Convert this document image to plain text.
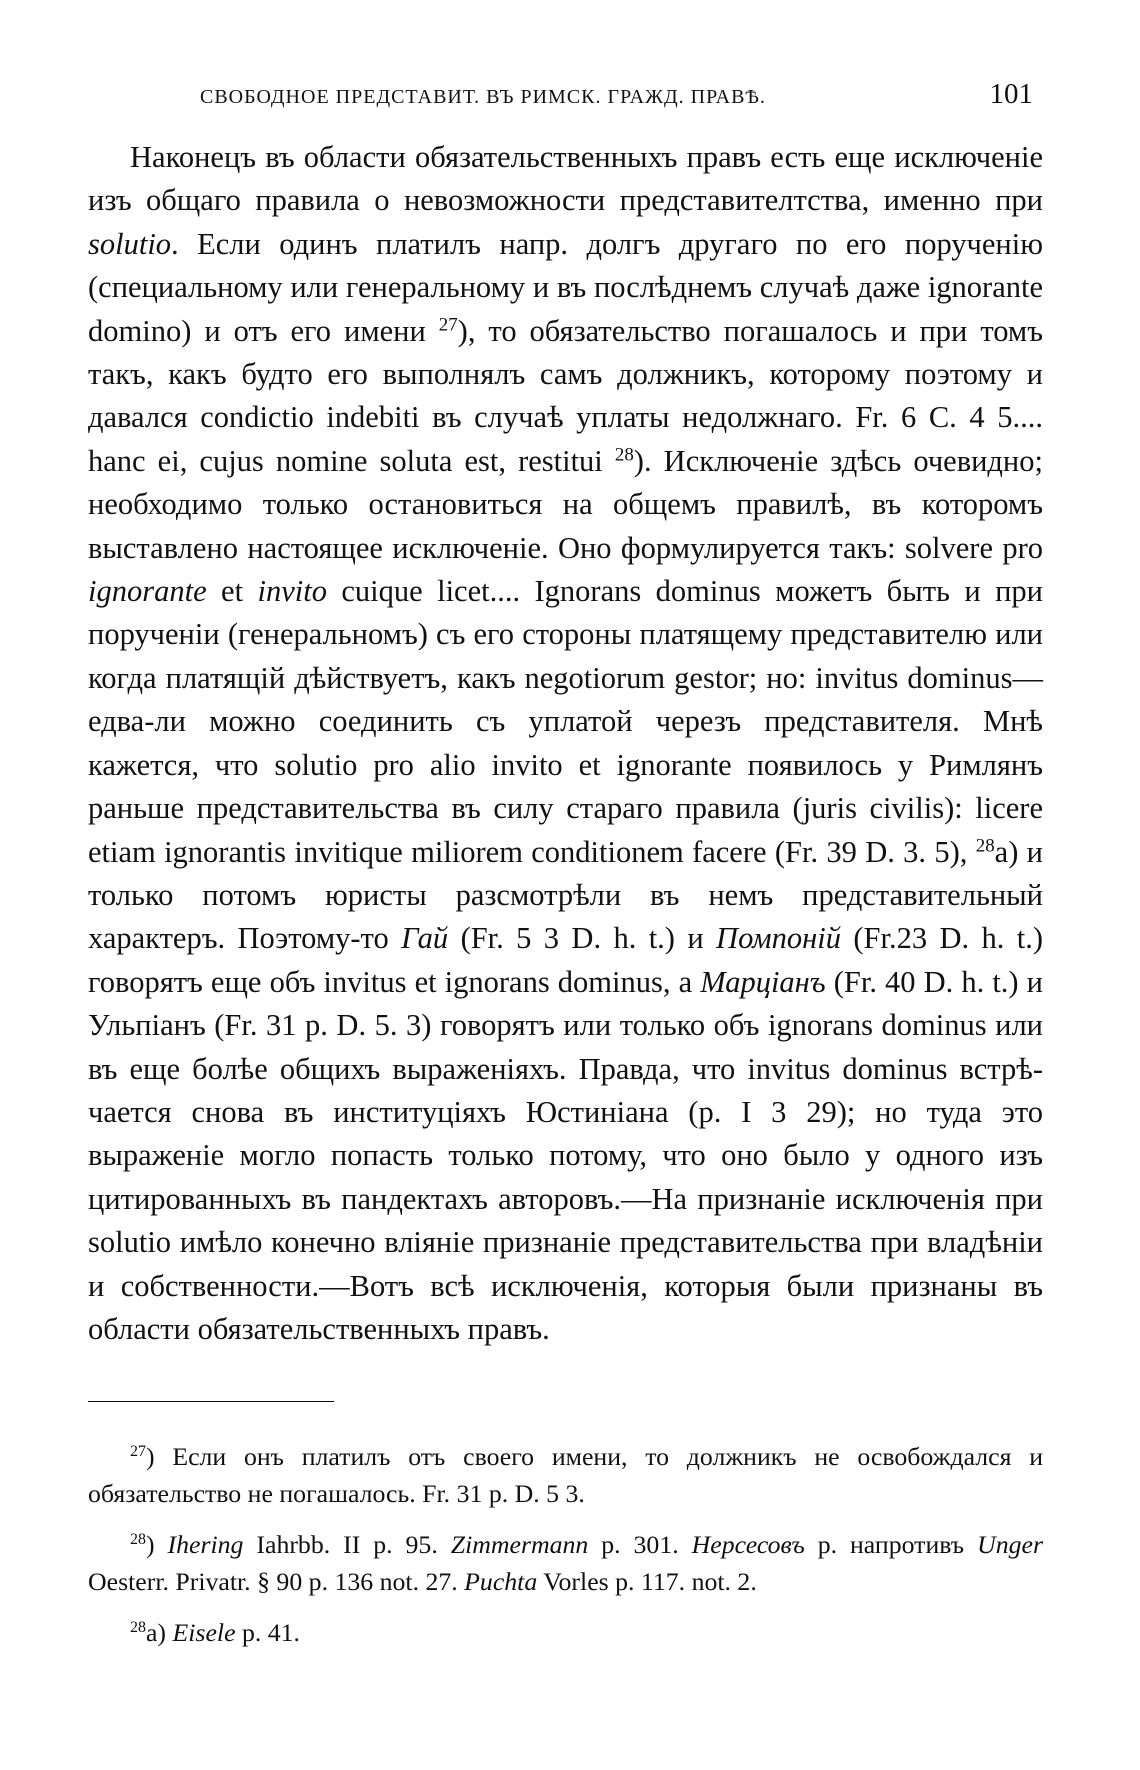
СВОБОДНОЕ ПРЕДСТАВИТ. ВЪ РИМСК. ГРАЖД. ПРАВѢ.	101

Наконецъ въ области обязательственныхъ правъ есть еще исключеніе изъ общаго правила о невозможности представителтства, именно при solutio. Если одинъ платилъ напр. долгъ другаго по его порученію (специальному или генеральному и въ послѣднемъ случаѣ даже ignorante domino) и отъ его имени $^{27}$), то обязательство погашалось и при томъ такъ, какъ будто его выполнялъ самъ должникъ, которому поэтому и давался condictio indebiti въ случаѣ уплаты недолжнаго. Fr. 6 C. 4 5.... hanc ei, cujus nomine soluta est, restitui $^{28}$). Исключеніе здѣсь очевидно; необходимо только остановиться на общемъ правилѣ, въ которомъ выставлено настоящее исключеніе. Оно формулируется такъ: solvere pro ignorante et invito cuique licet.... Ignorans dominus можетъ быть и при порученіи (генеральномъ) съ его стороны платящему представителю или когда платящій дѣйствуетъ, какъ negotiorum gestor; но: invitus dominus—едва-ли можно соединить съ уплатой черезъ представителя. Мнѣ кажется, что solutio pro alio invito et ignorante появилось у Римлянъ раньше представительства въ силу стараго правила (juris civilis): licere etiam ignorantis invitique miliorem conditionem facere (Fr. 39 D. 3. 5), $^{28}$a) и только потомъ юристы разсмотрѣли въ немъ представительный характеръ. Поэтому-то Гай (Fr. 5 3 D. h. t.) и Помпоній (Fr.23 D. h. t.) говорятъ еще объ invitus et ignorans dominus, а Марціанъ (Fr. 40 D. h. t.) и Ульпіанъ (Fr. 31 p. D. 5. 3) говорятъ или только объ ignorans dominus или въ еще болѣе общихъ выраженіяхъ. Правда, что invitus dominus встрѣчается снова въ институціяхъ Юстиніана (p. I 3 29); но туда это выраженіе могло попасть только потому, что оно было у одного изъ цитированныхъ въ пандектахъ авторовъ.—На признаніе исключенія при solutio имѣло конечно вліяніе признаніе представительства при владѣніи и собственности.—Вотъ всѣ исключенія, которыя были признаны въ области обязательственныхъ правъ.

$^{27}$) Если онъ платилъ отъ своего имени, то должникъ не освобождался и обязательство не погашалось. Fr. 31 p. D. 5 3.

$^{28}$) Ihering Iahrbb. II p. 95. Zimmermann p. 301. Нерсесовъ p. напротивъ Unger Oesterr. Privatr. § 90 p. 136 not. 27. Puchta Vorles p. 117. not. 2.

$^{28}$a) Eisele p. 41.
